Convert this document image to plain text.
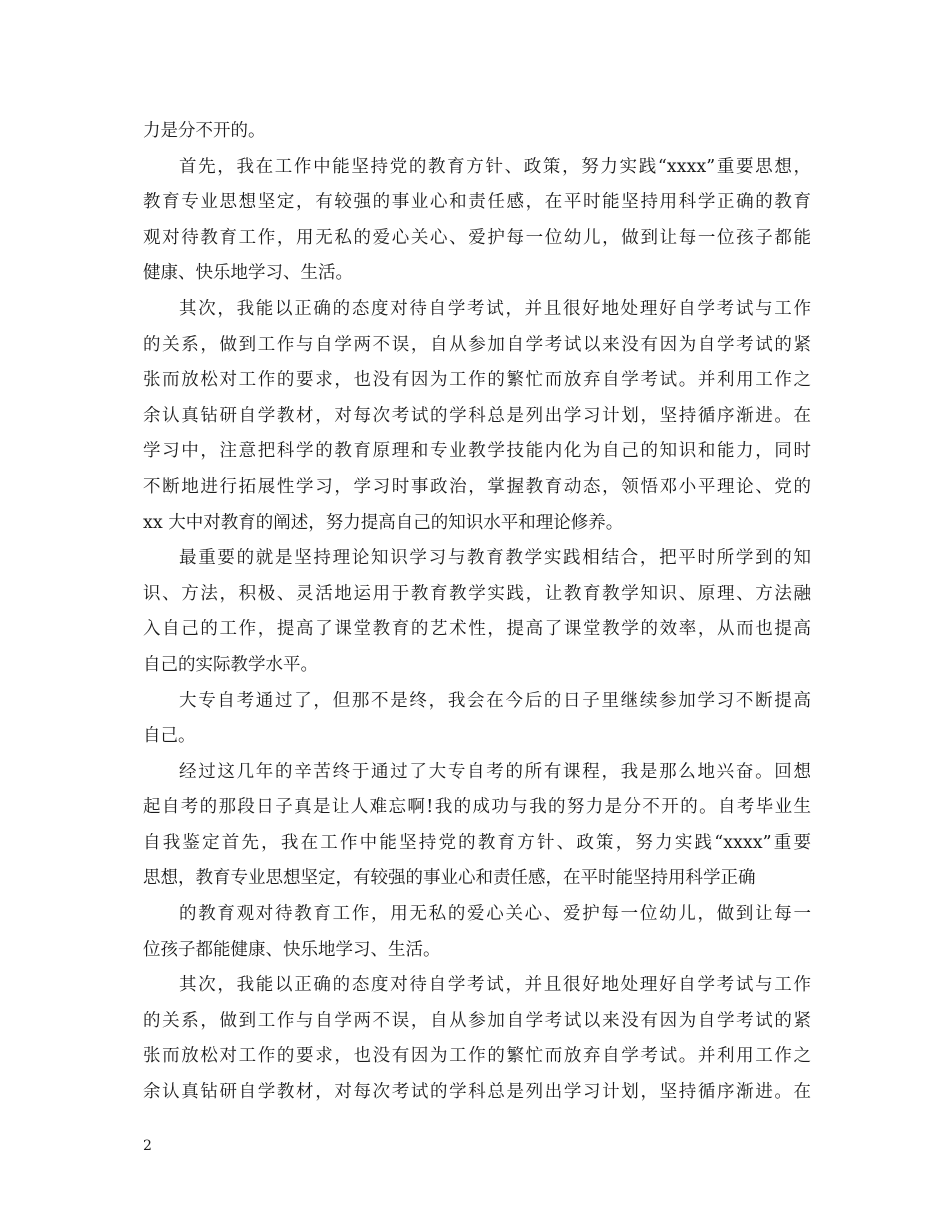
力是分不开的。
首先，我在工作中能坚持党的教育方针、政策，努力实践“xxxx”重要思想，
教育专业思想坚定，有较强的事业心和责任感，在平时能坚持用科学正确的教育
观对待教育工作，用无私的爱心关心、爱护每一位幼儿，做到让每一位孩子都能
健康、快乐地学习、生活。
其次，我能以正确的态度对待自学考试，并且很好地处理好自学考试与工作
的关系，做到工作与自学两不误，自从参加自学考试以来没有因为自学考试的紧
张而放松对工作的要求，也没有因为工作的繁忙而放弃自学考试。并利用工作之
余认真钻研自学教材，对每次考试的学科总是列出学习计划，坚持循序渐进。在
学习中，注意把科学的教育原理和专业教学技能内化为自己的知识和能力，同时
不断地进行拓展性学习，学习时事政治，掌握教育动态，领悟邓小平理论、党的
xx 大中对教育的阐述，努力提高自己的知识水平和理论修养。
最重要的就是坚持理论知识学习与教育教学实践相结合，把平时所学到的知
识、方法，积极、灵活地运用于教育教学实践，让教育教学知识、原理、方法融
入自己的工作，提高了课堂教育的艺术性，提高了课堂教学的效率，从而也提高
自己的实际教学水平。
大专自考通过了，但那不是终，我会在今后的日子里继续参加学习不断提高
自己。
经过这几年的辛苦终于通过了大专自考的所有课程，我是那么地兴奋。回想
起自考的那段日子真是让人难忘啊!我的成功与我的努力是分不开的。自考毕业生
自我鉴定首先，我在工作中能坚持党的教育方针、政策，努力实践“xxxx”重要
思想，教育专业思想坚定，有较强的事业心和责任感，在平时能坚持用科学正确
的教育观对待教育工作，用无私的爱心关心、爱护每一位幼儿，做到让每一
位孩子都能健康、快乐地学习、生活。
其次，我能以正确的态度对待自学考试，并且很好地处理好自学考试与工作
的关系，做到工作与自学两不误，自从参加自学考试以来没有因为自学考试的紧
张而放松对工作的要求，也没有因为工作的繁忙而放弃自学考试。并利用工作之
余认真钻研自学教材，对每次考试的学科总是列出学习计划，坚持循序渐进。在
2
